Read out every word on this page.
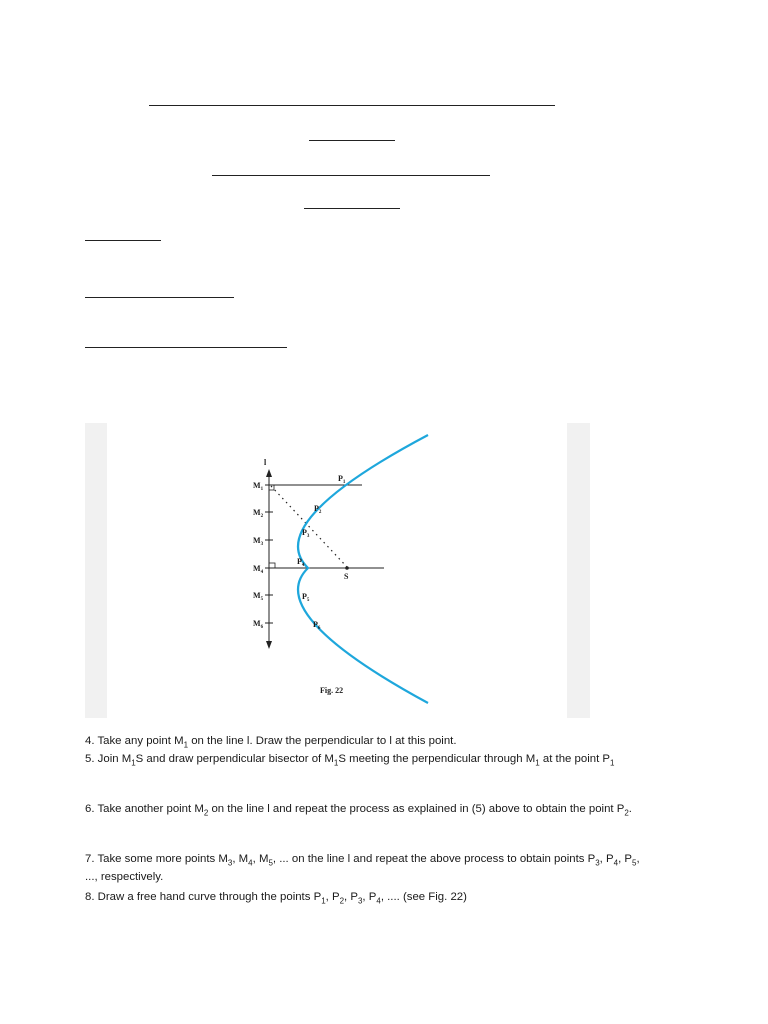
l
$M_1$
$M_2$
$M_3$
$M_4$
$M_5$
$M_6$
S
$P_1$
$P_2$
$P_3$
$P_4$
$P_5$
$P_6$
Fig. 22

4. Take any point $M_1$ on the line l. Draw the perpendicular to l at this point.

5. Join $M_1S$ and draw perpendicular bisector of $M_1S$ meeting the perpendicular through $M_1$ at the point $P_1$

6. Take another point $M_2$ on the line l and repeat the process as explained in (5) above to obtain the point $P_2$.

7. Take some more points $M_3$, $M_4$, $M_5$, ... on the line l and repeat the above process to obtain points $P_3$, $P_4$, $P_5$, ..., respectively.

8. Draw a free hand curve through the points $P_1$, $P_2$, $P_3$, $P_4$, .... (see Fig. 22)
